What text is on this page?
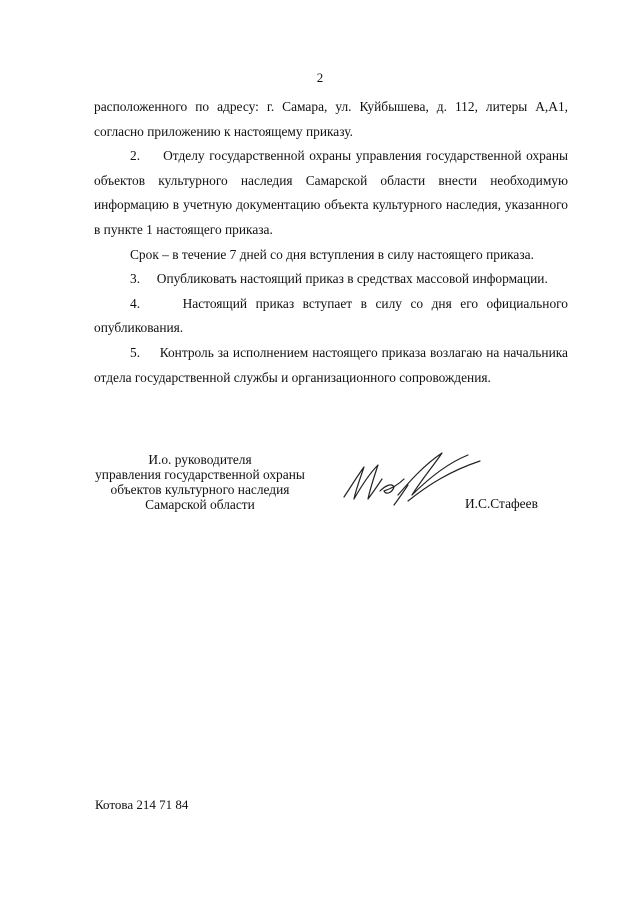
2

расположенного по адресу: г. Самара, ул. Куйбышева, д. 112, литеры А,А1, согласно приложению к настоящему приказу.

2.     Отделу государственной охраны управления государственной охраны объектов культурного наследия Самарской области внести необходимую информацию в учетную документацию объекта культурного наследия, указанного в пункте 1 настоящего приказа.

Срок – в течение 7 дней со дня вступления в силу настоящего приказа.

3.     Опубликовать настоящий приказ в средствах массовой информации.

4.     Настоящий приказ вступает в силу со дня его официального опубликования.

5.     Контроль за исполнением настоящего приказа возлагаю на начальника отдела государственной службы и организационного сопровождения.

И.о. руководителя
управления государственной охраны
объектов культурного наследия
Самарской области	И.С.Стафеев
Котова 214 71 84
